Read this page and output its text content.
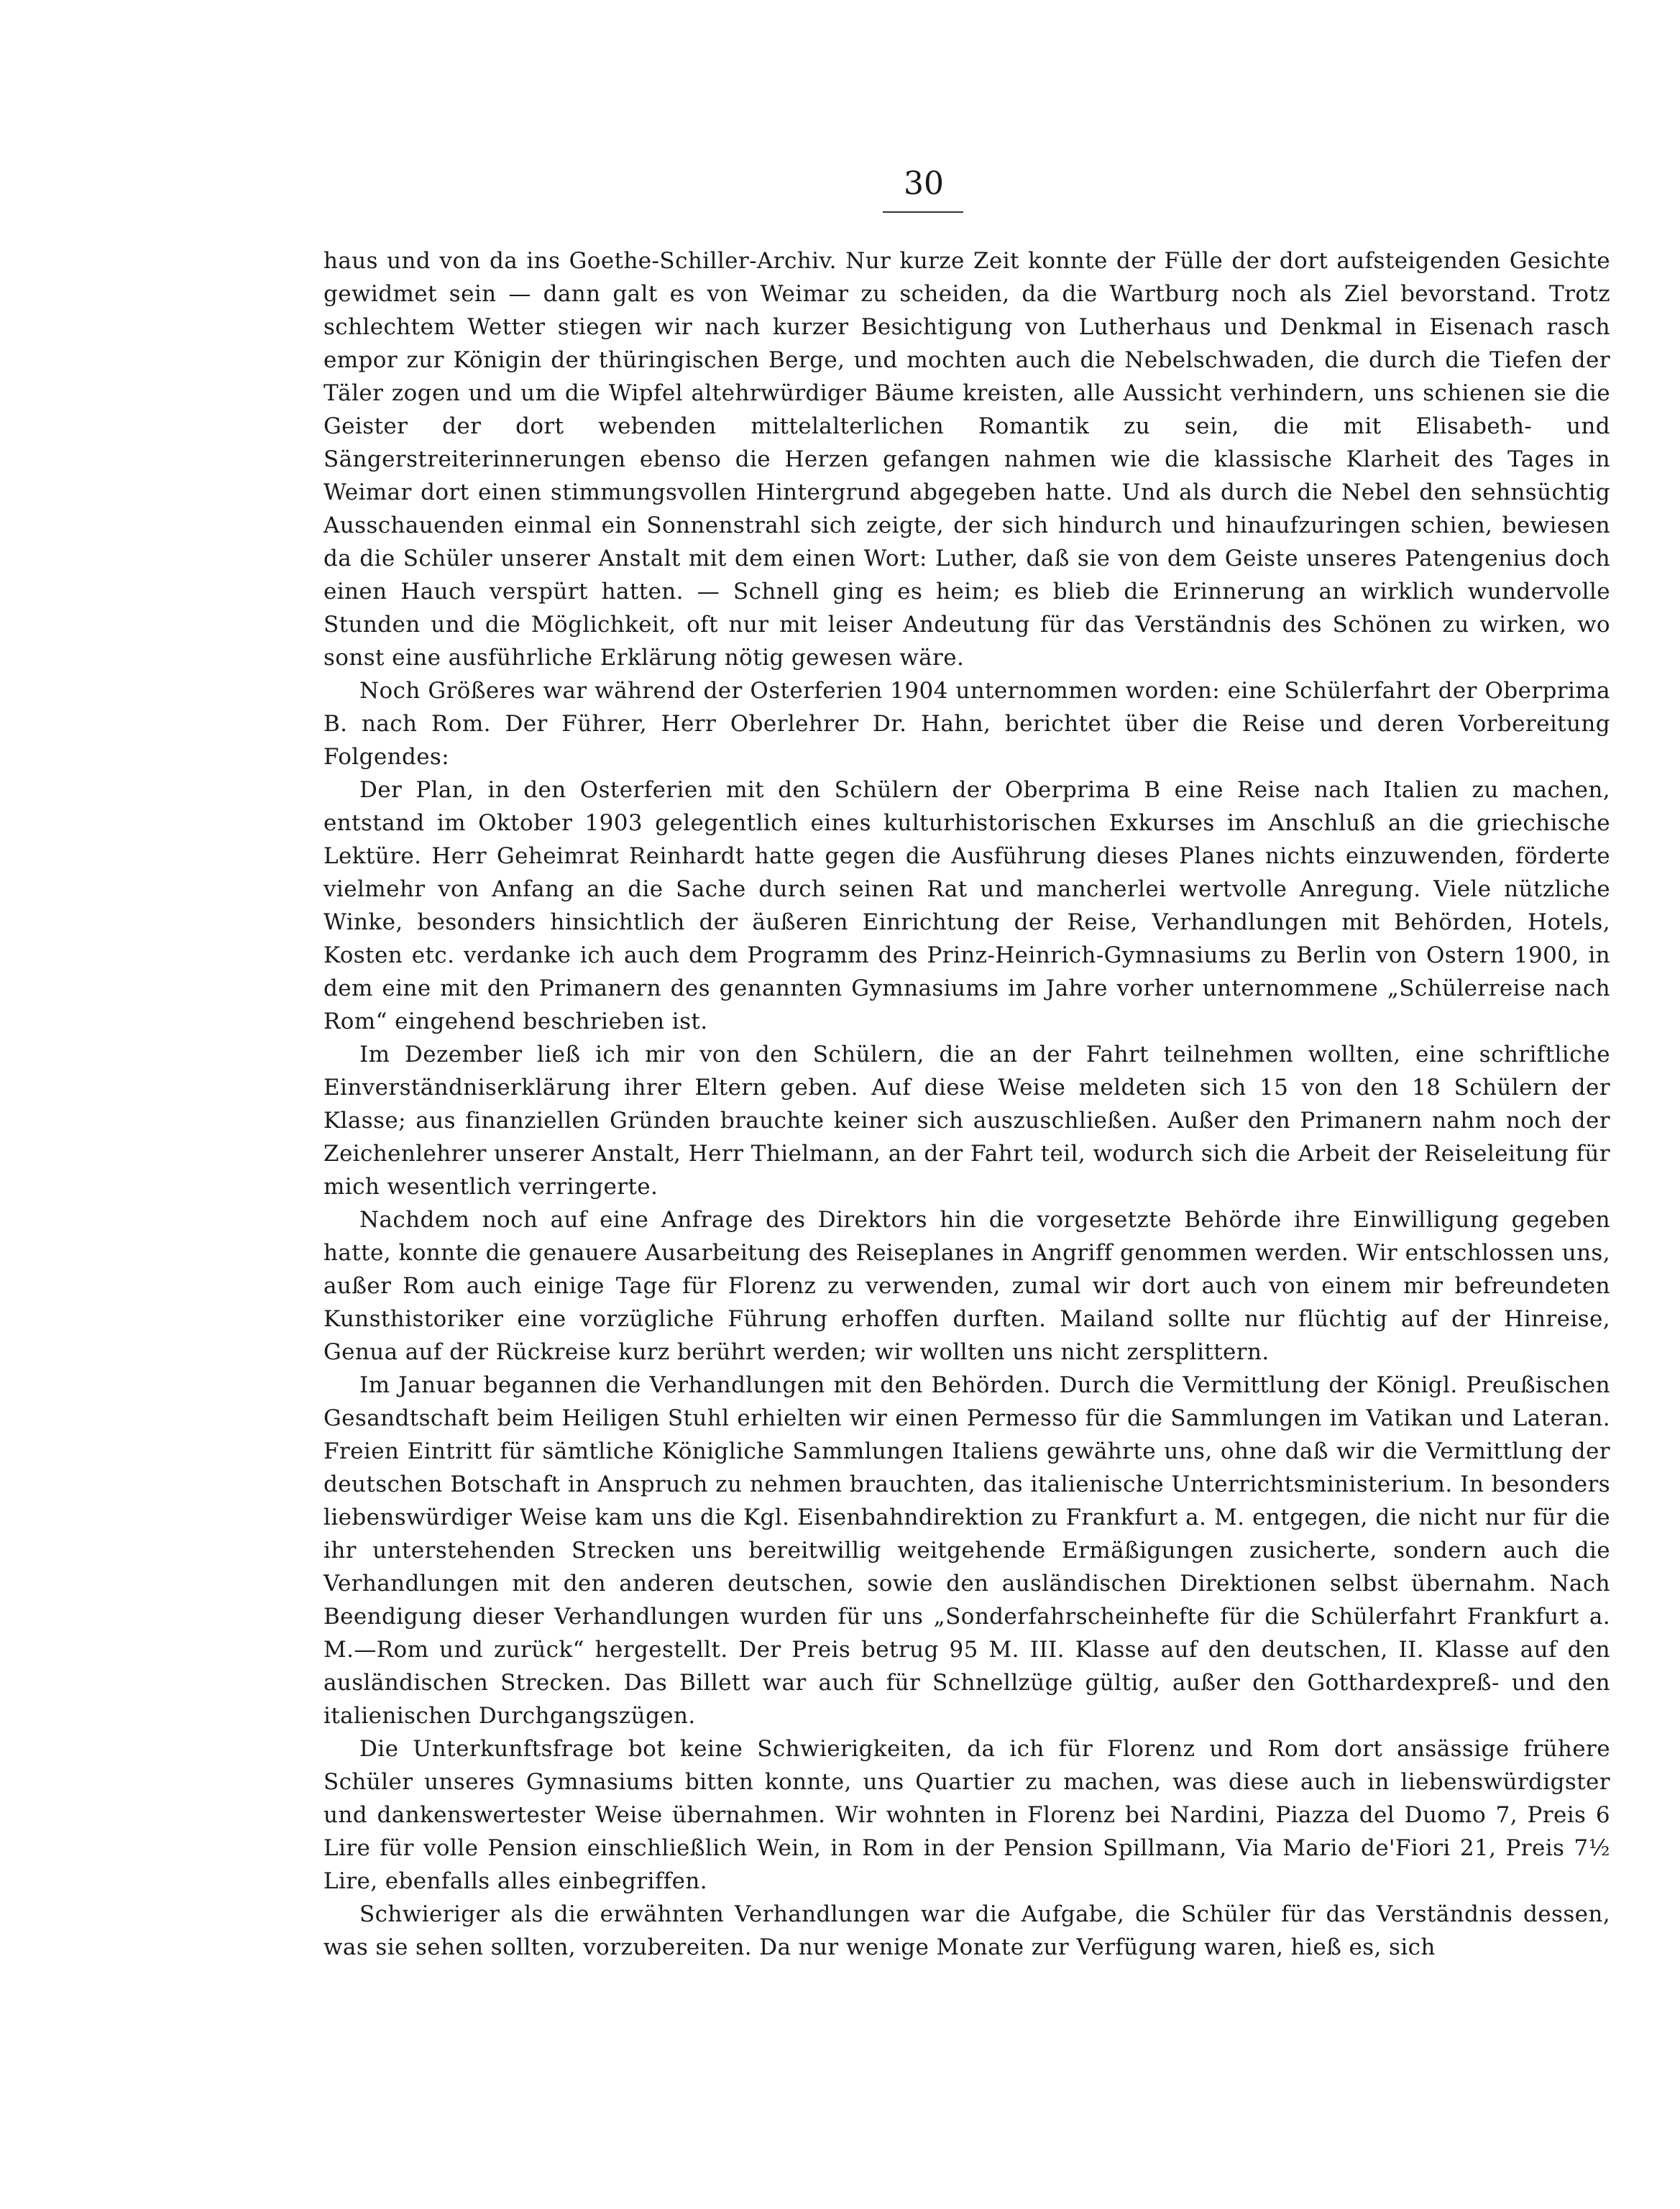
30

haus und von da ins Goethe-Schiller-Archiv. Nur kurze Zeit konnte der Fülle der dort aufsteigenden Gesichte gewidmet sein — dann galt es von Weimar zu scheiden, da die Wartburg noch als Ziel bevorstand. Trotz schlechtem Wetter stiegen wir nach kurzer Besichtigung von Lutherhaus und Denkmal in Eisenach rasch empor zur Königin der thüringischen Berge, und mochten auch die Nebelschwaden, die durch die Tiefen der Täler zogen und um die Wipfel altehrwürdiger Bäume kreisten, alle Aussicht verhindern, uns schienen sie die Geister der dort webenden mittelalterlichen Romantik zu sein, die mit Elisabeth- und Sängerstreiterinnerungen ebenso die Herzen gefangen nahmen wie die klassische Klarheit des Tages in Weimar dort einen stimmungsvollen Hintergrund abgegeben hatte. Und als durch die Nebel den sehnsüchtig Ausschauenden einmal ein Sonnenstrahl sich zeigte, der sich hindurch und hinaufzuringen schien, bewiesen da die Schüler unserer Anstalt mit dem einen Wort: Luther, daß sie von dem Geiste unseres Patengenius doch einen Hauch verspürt hatten. — Schnell ging es heim; es blieb die Erinnerung an wirklich wundervolle Stunden und die Möglichkeit, oft nur mit leiser Andeutung für das Verständnis des Schönen zu wirken, wo sonst eine ausführliche Erklärung nötig gewesen wäre.

Noch Größeres war während der Osterferien 1904 unternommen worden: eine Schülerfahrt der Oberprima B. nach Rom. Der Führer, Herr Oberlehrer Dr. Hahn, berichtet über die Reise und deren Vorbereitung Folgendes:

Der Plan, in den Osterferien mit den Schülern der Oberprima B eine Reise nach Italien zu machen, entstand im Oktober 1903 gelegentlich eines kulturhistorischen Exkurses im Anschluß an die griechische Lektüre. Herr Geheimrat Reinhardt hatte gegen die Ausführung dieses Planes nichts einzuwenden, förderte vielmehr von Anfang an die Sache durch seinen Rat und mancherlei wertvolle Anregung. Viele nützliche Winke, besonders hinsichtlich der äußeren Einrichtung der Reise, Verhandlungen mit Behörden, Hotels, Kosten etc. verdanke ich auch dem Programm des Prinz-Heinrich-Gymnasiums zu Berlin von Ostern 1900, in dem eine mit den Primanern des genannten Gymnasiums im Jahre vorher unternommene „Schülerreise nach Rom“ eingehend beschrieben ist.

Im Dezember ließ ich mir von den Schülern, die an der Fahrt teilnehmen wollten, eine schriftliche Einverständniserklärung ihrer Eltern geben. Auf diese Weise meldeten sich 15 von den 18 Schülern der Klasse; aus finanziellen Gründen brauchte keiner sich auszuschließen. Außer den Primanern nahm noch der Zeichenlehrer unserer Anstalt, Herr Thielmann, an der Fahrt teil, wodurch sich die Arbeit der Reiseleitung für mich wesentlich verringerte.

Nachdem noch auf eine Anfrage des Direktors hin die vorgesetzte Behörde ihre Einwilligung gegeben hatte, konnte die genauere Ausarbeitung des Reiseplanes in Angriff genommen werden. Wir entschlossen uns, außer Rom auch einige Tage für Florenz zu verwenden, zumal wir dort auch von einem mir befreundeten Kunsthistoriker eine vorzügliche Führung erhoffen durften. Mailand sollte nur flüchtig auf der Hinreise, Genua auf der Rückreise kurz berührt werden; wir wollten uns nicht zersplittern.

Im Januar begannen die Verhandlungen mit den Behörden. Durch die Vermittlung der Königl. Preußischen Gesandtschaft beim Heiligen Stuhl erhielten wir einen Permesso für die Sammlungen im Vatikan und Lateran. Freien Eintritt für sämtliche Königliche Sammlungen Italiens gewährte uns, ohne daß wir die Vermittlung der deutschen Botschaft in Anspruch zu nehmen brauchten, das italienische Unterrichtsministerium. In besonders liebenswürdiger Weise kam uns die Kgl. Eisenbahndirektion zu Frankfurt a. M. entgegen, die nicht nur für die ihr unterstehenden Strecken uns bereitwillig weitgehende Ermäßigungen zusicherte, sondern auch die Verhandlungen mit den anderen deutschen, sowie den ausländischen Direktionen selbst übernahm. Nach Beendigung dieser Verhandlungen wurden für uns „Sonderfahrscheinhefte für die Schülerfahrt Frankfurt a. M.—Rom und zurück“ hergestellt. Der Preis betrug 95 M. III. Klasse auf den deutschen, II. Klasse auf den ausländischen Strecken. Das Billett war auch für Schnellzüge gültig, außer den Gotthardexpreß- und den italienischen Durchgangszügen.

Die Unterkunftsfrage bot keine Schwierigkeiten, da ich für Florenz und Rom dort ansässige frühere Schüler unseres Gymnasiums bitten konnte, uns Quartier zu machen, was diese auch in liebenswürdigster und dankenswertester Weise übernahmen. Wir wohnten in Florenz bei Nardini, Piazza del Duomo 7, Preis 6 Lire für volle Pension einschließlich Wein, in Rom in der Pension Spillmann, Via Mario de'Fiori 21, Preis 7½ Lire, ebenfalls alles einbegriffen.

Schwieriger als die erwähnten Verhandlungen war die Aufgabe, die Schüler für das Verständnis dessen, was sie sehen sollten, vorzubereiten. Da nur wenige Monate zur Verfügung waren, hieß es, sich
